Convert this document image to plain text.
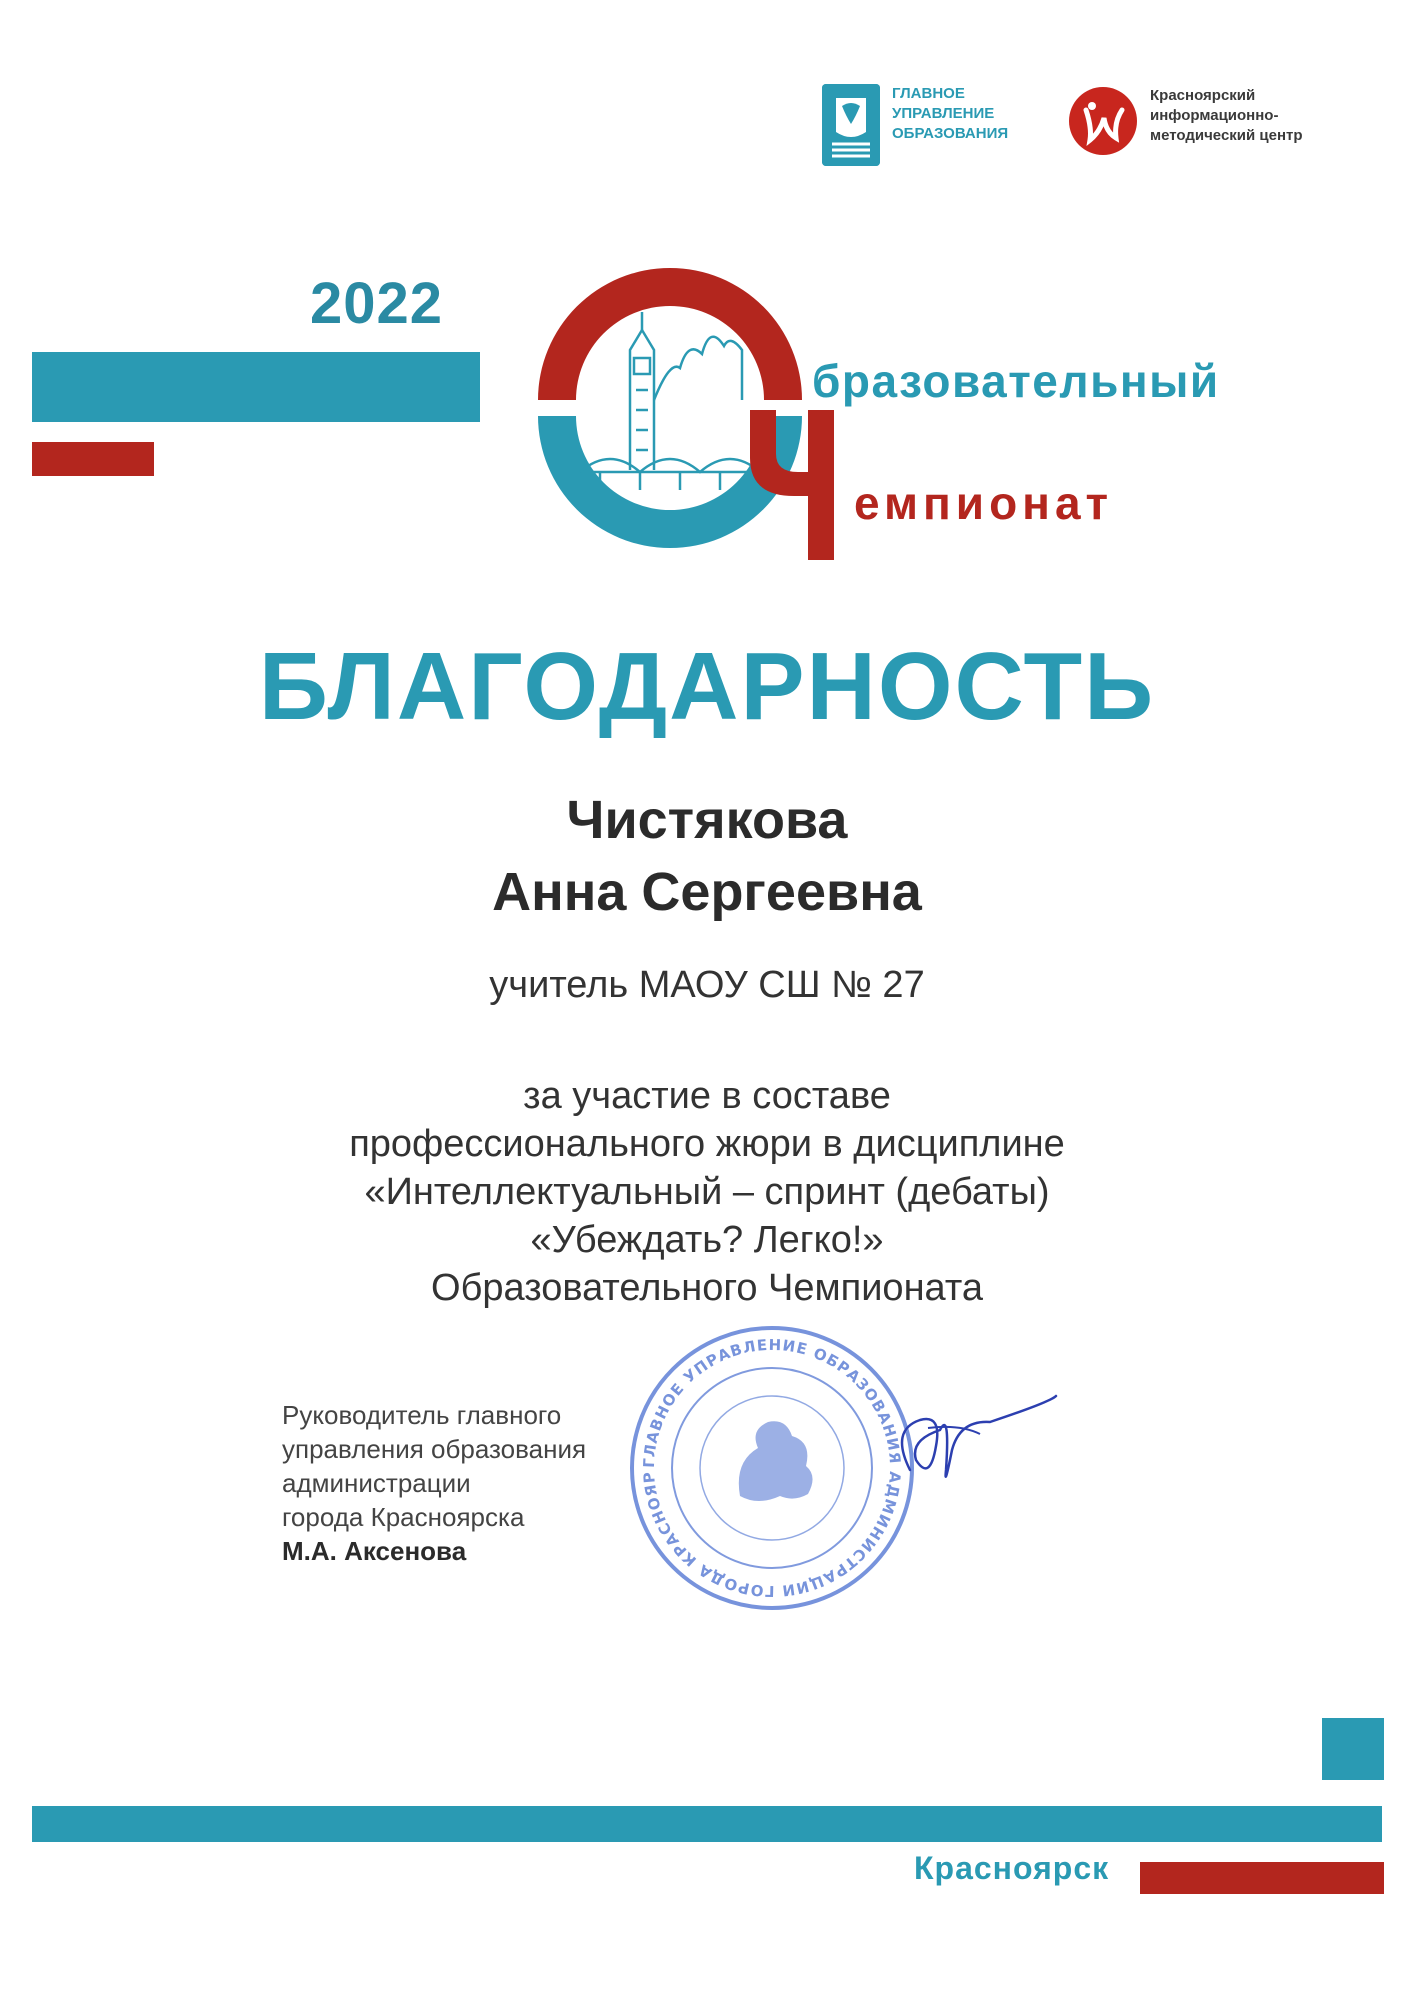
ГЛАВНОЕ
УПРАВЛЕНИЕ
ОБРАЗОВАНИЯ
Красноярский
информационно-
методический центр
2022
бразовательный
емпионат
БЛАГОДАРНОСТЬ
Чистякова
Анна Сергеевна
учитель МАОУ СШ № 27
за участие в составе
профессионального жюри в дисциплине
«Интеллектуальный – спринт (дебаты)
«Убеждать? Легко!»
Образовательного Чемпионата
Руководитель главного
управления образования
администрации
города Красноярска
М.А. Аксенова
ГЛАВНОЕ УПРАВЛЕНИЕ ОБРАЗОВАНИЯ АДМИНИСТРАЦИИ ГОРОДА КРАСНОЯР
Красноярск
